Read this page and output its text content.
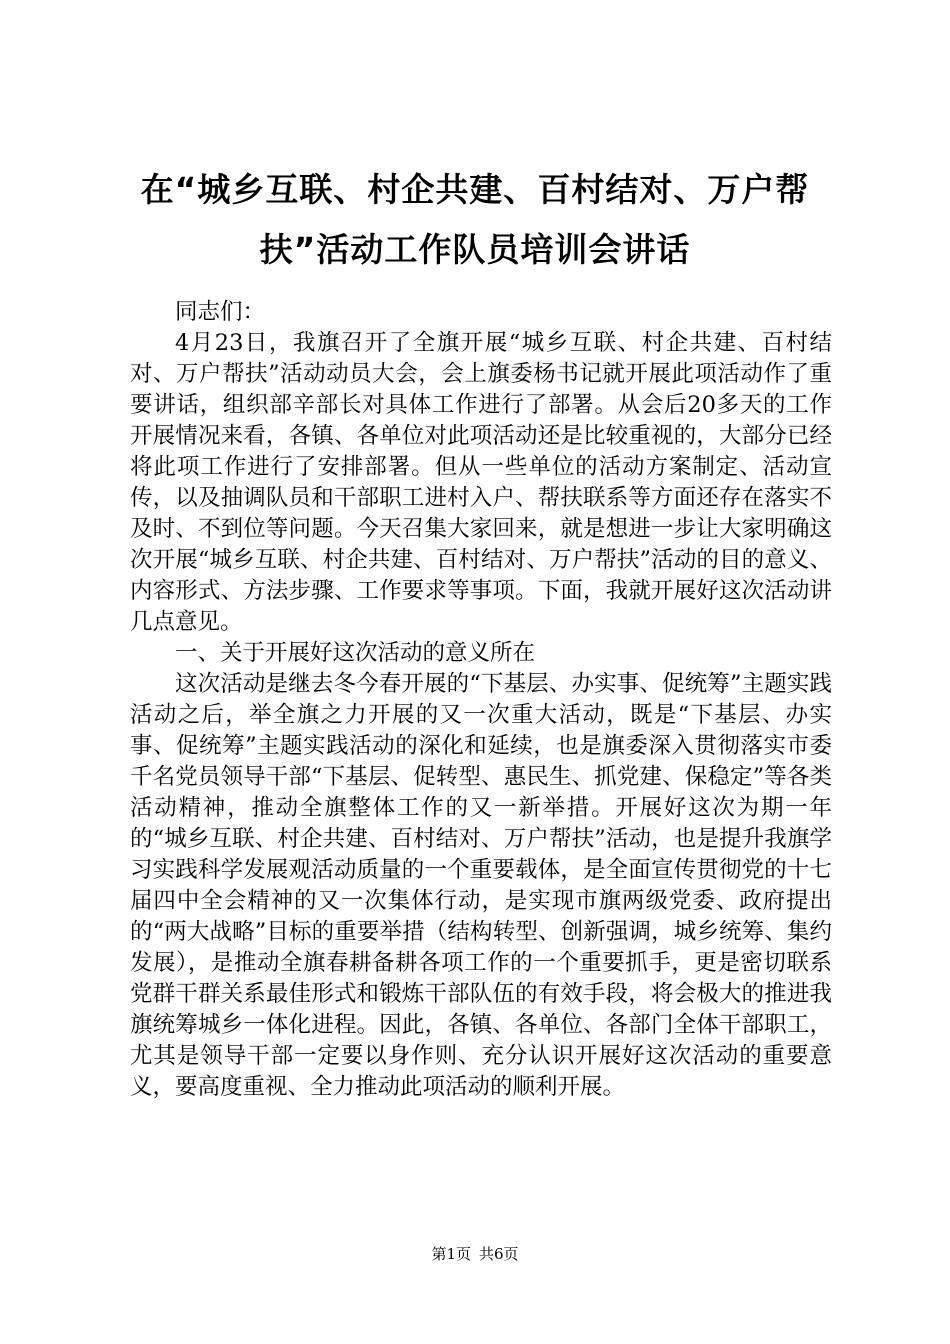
在“城乡互联、村企共建、百村结对、万户帮扶”活动工作队员培训会讲话

同志们：

4月23日，我旗召开了全旗开展“城乡互联、村企共建、百村结对、万户帮扶”活动动员大会，会上旗委杨书记就开展此项活动作了重要讲话，组织部辛部长对具体工作进行了部署。从会后20多天的工作开展情况来看，各镇、各单位对此项活动还是比较重视的，大部分已经将此项工作进行了安排部署。但从一些单位的活动方案制定、活动宣传，以及抽调队员和干部职工进村入户、帮扶联系等方面还存在落实不及时、不到位等问题。今天召集大家回来，就是想进一步让大家明确这次开展“城乡互联、村企共建、百村结对、万户帮扶”活动的目的意义、内容形式、方法步骤、工作要求等事项。下面，我就开展好这次活动讲几点意见。

一、关于开展好这次活动的意义所在

这次活动是继去冬今春开展的“下基层、办实事、促统筹”主题实践活动之后，举全旗之力开展的又一次重大活动，既是“下基层、办实事、促统筹”主题实践活动的深化和延续，也是旗委深入贯彻落实市委千名党员领导干部“下基层、促转型、惠民生、抓党建、保稳定”等各类活动精神，推动全旗整体工作的又一新举措。开展好这次为期一年的“城乡互联、村企共建、百村结对、万户帮扶”活动，也是提升我旗学习实践科学发展观活动质量的一个重要载体，是全面宣传贯彻党的十七届四中全会精神的又一次集体行动，是实现市旗两级党委、政府提出的“两大战略”目标的重要举措（结构转型、创新强调，城乡统筹、集约发展），是推动全旗春耕备耕各项工作的一个重要抓手，更是密切联系党群干群关系最佳形式和锻炼干部队伍的有效手段，将会极大的推进我旗统筹城乡一体化进程。因此，各镇、各单位、各部门全体干部职工，尤其是领导干部一定要以身作则、充分认识开展好这次活动的重要意义，要高度重视、全力推动此项活动的顺利开展。

第1页 共6页
